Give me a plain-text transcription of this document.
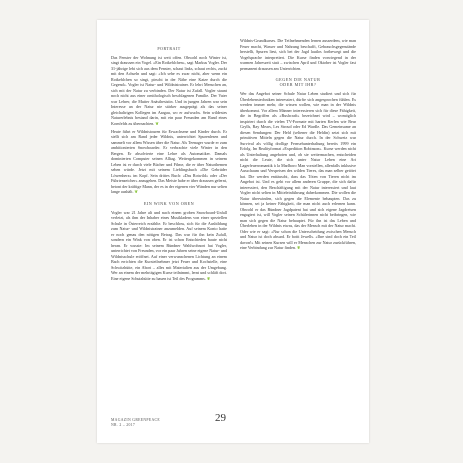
PORTRAIT

Das Fenster der Wohnung ist weit offen. Obwohl noch Winter ist, singt draussen ein Vogel. «Ein Rotkehlchen», sagt Markus Vogler. Der 31-jährige lebt sich aus dem Fenster, schaut links, schaut rechts, zuckt mit den Achseln und sagt: «Ich sehe es zwar nicht, aber wenn ein Rotkehlchen so singt, pirscht in der Nähe eine Katze durch die Gegend». Vogler ist Natur- und Wildnistrainer. Er lehrt Menschen an, sich mit der Natur zu verbinden. Der Natur ist Zufall. Vogler staunt noch nicht aus einer ornithologisch beschlagenen Familie. Der Vater war Lehrer, die Mutter Anästhesistin. Und in jungen Jahren war sein Interesse an der Natur nie stärker ausgeprägt als das seiner gleichaltrigen Kollegen im Aargau, wo er aufwuchs. Sein wildestes Naturerlebnis bestand darin, mit ein paar Freunden am Rand eines Kornfelds zu übernachten. ❦

Heute führt er Wildnistouren für Erwachsene und Kinder durch. Er stellt sich am Rand jeder Wildnis, unterrichtet Spurenlesen und sammelt vor allem Wissen über die Natur. Als Teenager wurde er zum ambitionierten Snowboarder. Er verbrachte viele Winter in den Bergen. Er absolvierte eine Lehre als Automatiker. Damals dominierten Computer seinen Alltag. Weitergekommen in seinem Leben ist er durch viele Bücher und Filme, die er über Naturthemen sehen würde. Jetzt mit seinem Lieblingsbuch «Die Gebrüder Löwenherz» im Kopf. Sein drittes Buch: «Das Rotwild» oder «Der Führtenzeicher» anzugehen. Das Meiste habe er über draussen gelernt, betont der kräftige Mann, der es in der eigenen vier Wänden nur selten lange aushält. ❦

EIN WINK VON OBEN

Vogler war 21 Jahre alt und nach einem groben Snowboard-Unfall verletzt, als ihm der Inhaber eines Musikladens von einer speziellen Schule in Österreich erzählte. Er beschloss, sich für die Ausbildung zum Natur- und Wildnistrainer anzumelden. Auf seinem Konto hatte er noch genau den nötigen Betrag. Das war für ihn kein Zufall, sondern ein Wink von oben. Er ist schon Entschieden baute nicht heran. Er wusste: Im seinem Bündner Wahlwohnort hat Vogler, unterrichtet von Freunden, vor ein paar Jahren seine eigene Natur- und Wildnisschule eröffnet. Auf einer verwunschenen Lichtung an einem Bach errichten die Kursteilnehmer jetzt Feuer und Kochstelle, eine Schwitzhütte, ein Abort – alles mit Materialien aus der Umgebung. Wer an einem der mehrtägigen Kurse teilnimmt, lernt und schläft dort. Eine eigene Schutzhütte zu bauen ist Teil des Programms. ❦

Wildnis-Grundkurses. Die Teilnehmenden lernen ausserdem, wie man Feuer macht, Wasser und Nahrung beschafft, Gebrauchsgegenstände herstellt, Spuren liest, sich bei der Jagd lautlos fortbewegt und die Vogelsprache interpretiert. Die Kurse finden vorwiegend in der warmen Jahreszeit statt – zwischen April und Oktober ist Vogler fast permanent draussen am Unterrichten.

GEGEN DIE NATUR
ODER MIT IHR?

Wer das Angebot seiner Schule Natur Leben studiert und sich für Überlebenstechniken interessiert, dürfte sich angesprochen fühlen. Es werden immer mehr, die wissen wollen, wie man in der Wildnis überkommt. Vor allem Männer interessieren sich für diese Fähigkeit, die in Begriffen als «Bushcraft» bezeichnet wird – womöglich inspiriert durch die vielen TV-Formate mit harten Kerlen wie Bear Grylls, Ray Mears, Les Stroud oder Ed Wardle. Das Gemeinsame an diesen Sendungen: Der Held (seltener die Heldin) setzt sich mit primitiven Mitteln gegen die Natur durch. In der Schweiz war Survival als völlig drollige Fernsehunterhaltung bereits 1999 ein Erfolg. Im Realityformat «Expedition Robinson». Kurse werden nicht als Unterhaltung angeboten und, ob sie weitermachen, entscheiden nicht die Leute, die sich unter Natur Leben eine Art Lagerfeuerromantik à la Marlboro Man vorstellen, allenfalls inklusive Ausschaum und Verspeisen des wilden Tieres, das man selber getötet hat. Die werden enttäuscht, dass das Töten von Tieren nicht im Angebot ist. Und es geht vor allem anderen Gruppe, die sich dafür interessiert, den Beschäftigung mit der Natur interessiert und laut Vogler nicht selten in Mitteleinführung daherkommen. Die wollen die Natur überwinden, sich gegen die Elemente behaupten. Das zu können, sei ja keiner Fähigkeit, die man nicht auch erlernen kann. Obwohl er das Bündner Jagdpatent hat und sich eigene Jagdreisen engagiert ist, will Vogler seinen Schülerinnen nicht beibringen, wie man sich gegen die Natur behauptet. Für ihn ist das Leben und Überleben in der Wildnis etwas, das der Mensch mit der Natur macht. Oder wie er sagt: «Nur schon die Unterscheidung zwischen Mensch und Natur ist doch absurd. Er bottt Jewells. «Ihre sind doch ein Teil davon!» Mit seinen Kursen will er Menschen zur Natur zurückführen, eine Verbindung zur Natur finden. ❦

MAGAZIN GREENPEACE
NR. 2 – 2017
29
